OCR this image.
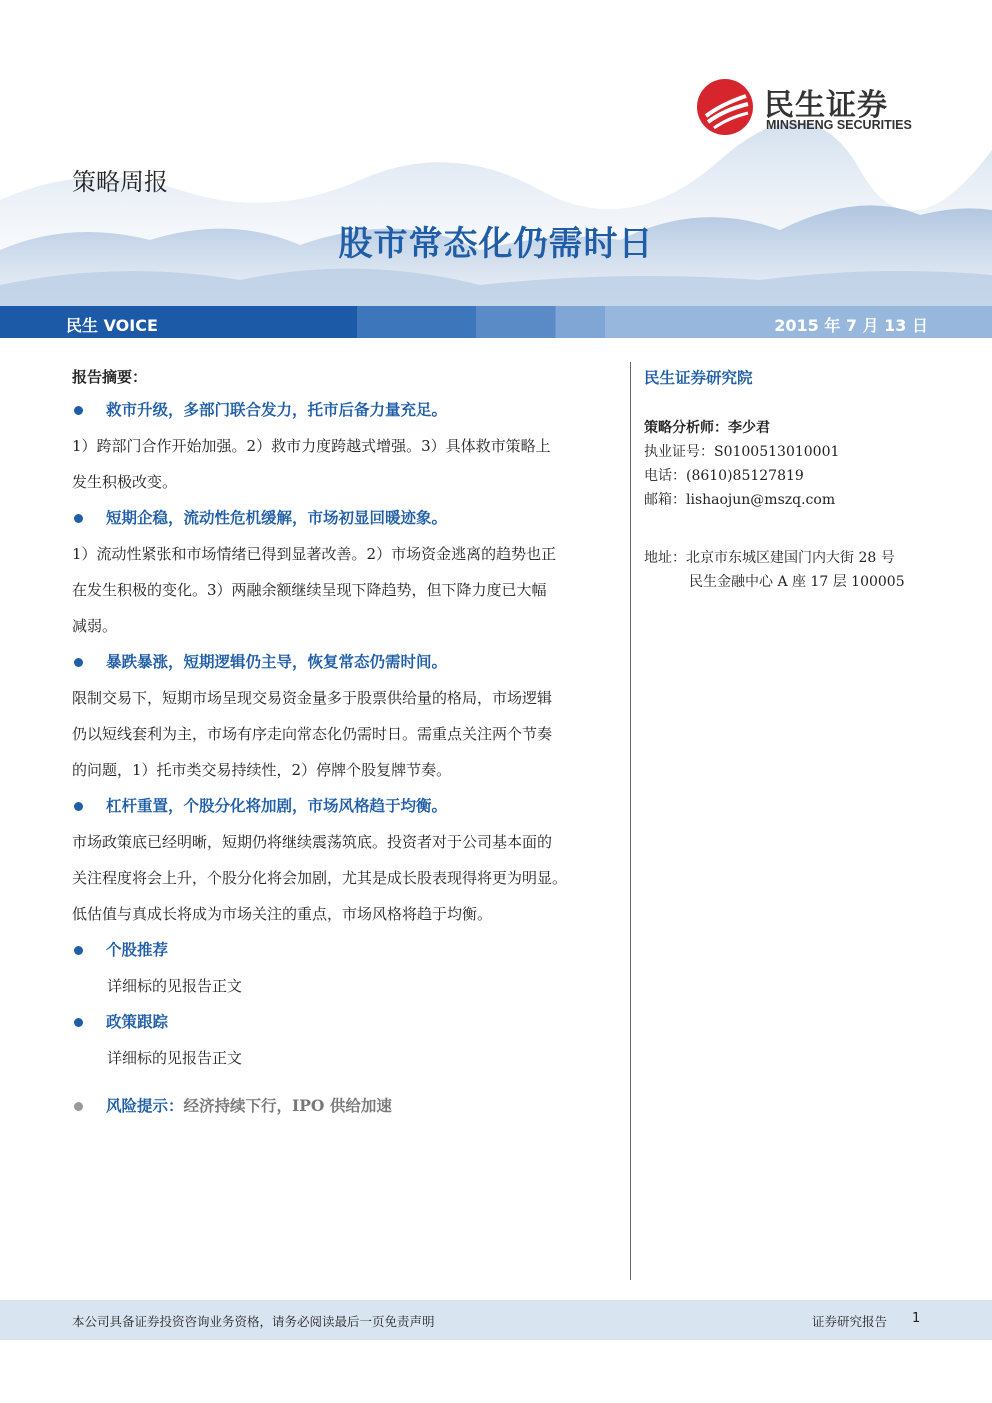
民生证券
MINSHENG SECURITIES
策略周报
股市常态化仍需时日
民生 VOICE	2015 年 7 月 13 日
报告摘要：
救市升级，多部门联合发力，托市后备力量充足。
1）跨部门合作开始加强。2）救市力度跨越式增强。3）具体救市策略上
发生积极改变。
短期企稳，流动性危机缓解，市场初显回暖迹象。
1）流动性紧张和市场情绪已得到显著改善。2）市场资金逃离的趋势也正
在发生积极的变化。3）两融余额继续呈现下降趋势，但下降力度已大幅
减弱。
暴跌暴涨，短期逻辑仍主导，恢复常态仍需时间。
限制交易下，短期市场呈现交易资金量多于股票供给量的格局，市场逻辑
仍以短线套利为主，市场有序走向常态化仍需时日。需重点关注两个节奏
的问题，1）托市类交易持续性，2）停牌个股复牌节奏。
杠杆重置，个股分化将加剧，市场风格趋于均衡。
市场政策底已经明晰，短期仍将继续震荡筑底。投资者对于公司基本面的
关注程度将会上升，个股分化将会加剧，尤其是成长股表现得将更为明显。
低估值与真成长将成为市场关注的重点，市场风格将趋于均衡。
个股推荐
详细标的见报告正文
政策跟踪
详细标的见报告正文
风险提示：经济持续下行，IPO 供给加速
民生证券研究院
策略分析师：李少君
执业证号：S0100513010001
电话：(8610)85127819
邮箱：lishaojun@mszq.com
地址：北京市东城区建国门内大街 28 号
民生金融中心 A 座 17 层 100005
本公司具备证券投资咨询业务资格，请务必阅读最后一页免责声明	证券研究报告 1
